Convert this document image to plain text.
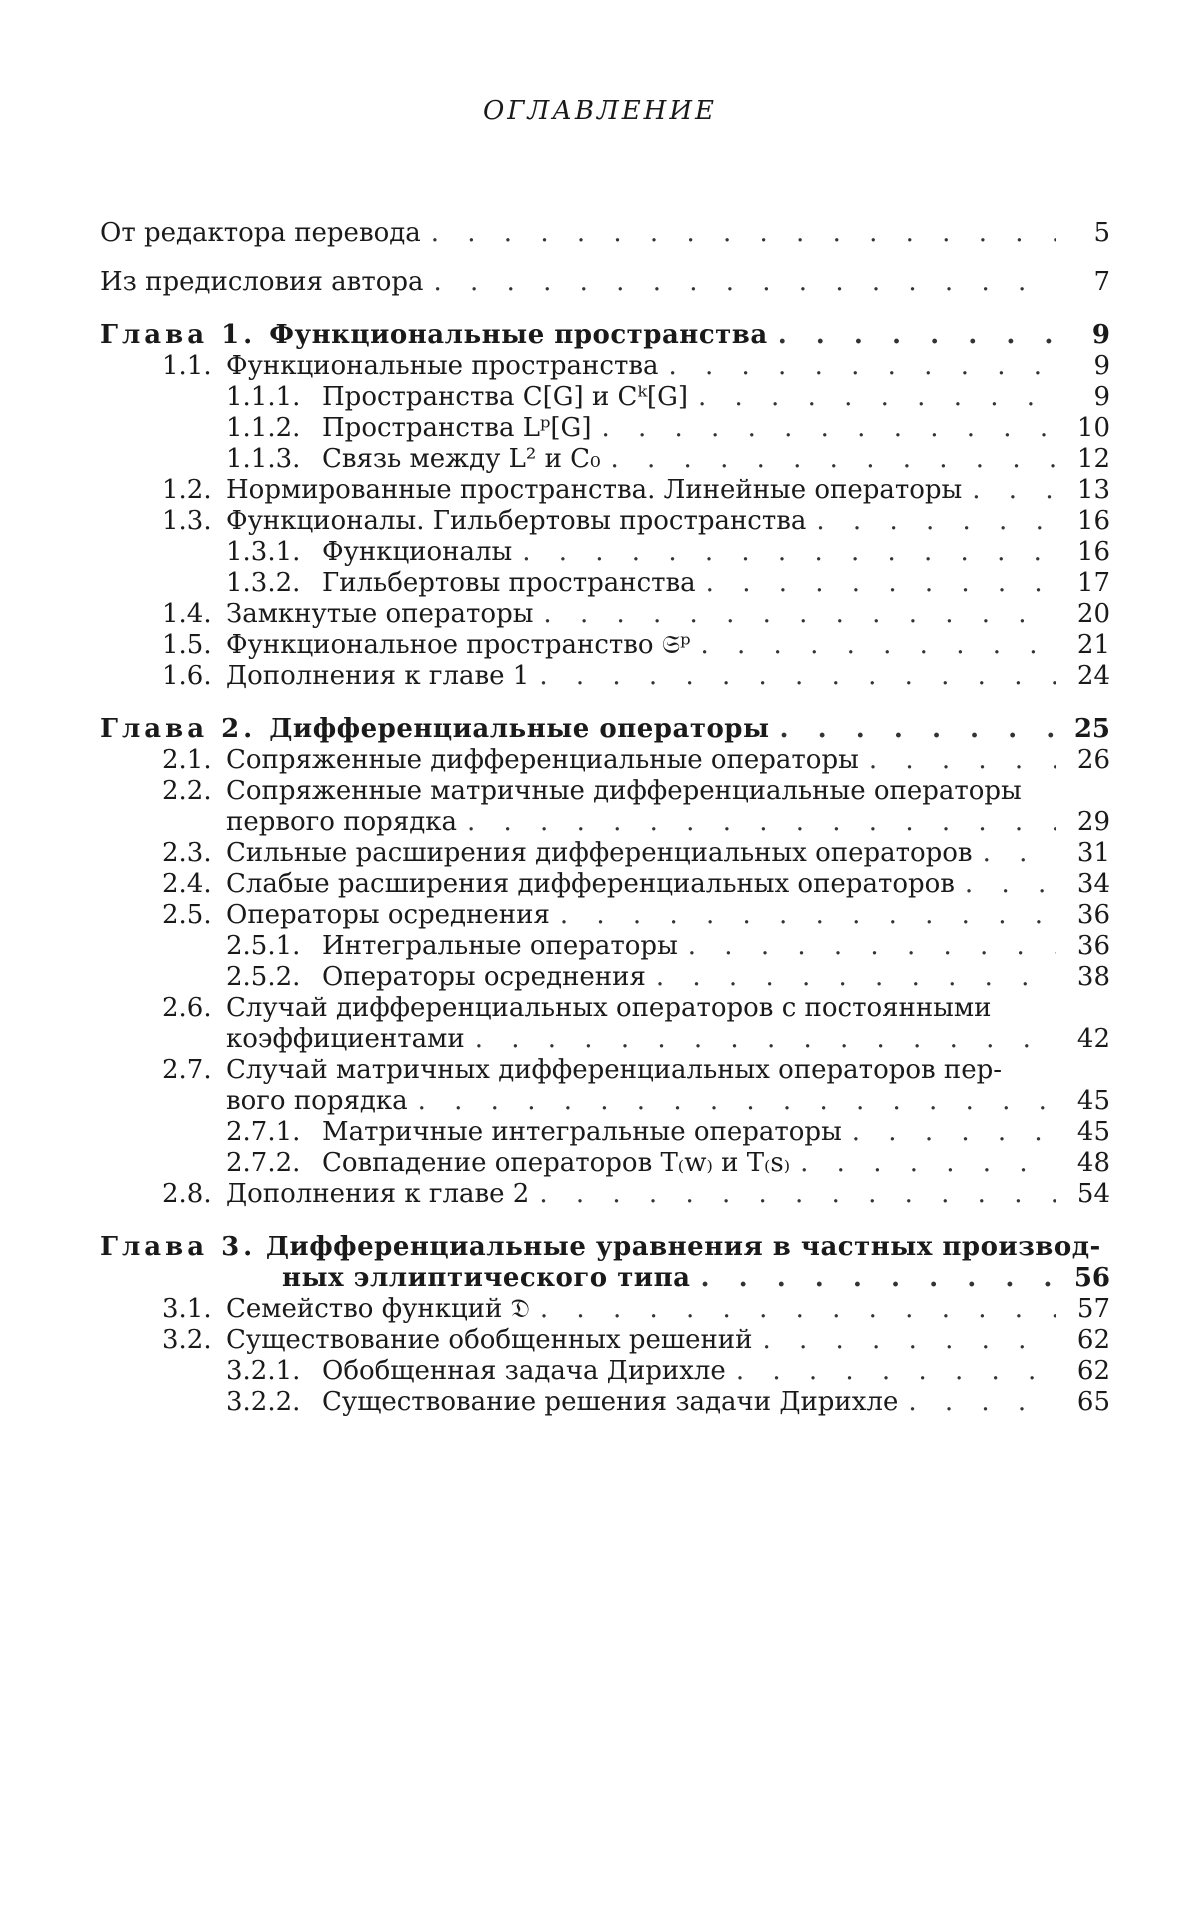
ОГЛАВЛЕНИЕ
От редактора перевода . . .	5
Из предисловия автора . . .	7
Глава 1. Функциональные пространства . . .	9
1.1. Функциональные пространства . . .	9
1.1.1. Пространства C[G] и Cᵏ[G] . . .	9
1.1.2. Пространства Lᵖ[G] . . .	10
1.1.3. Связь между L² и C₀ . . .	12
1.2. Нормированные пространства. Линейные операторы . . .	13
1.3. Функционалы. Гильбертовы пространства . . .	16
1.3.1. Функционалы . . .	16
1.3.2. Гильбертовы пространства . . .	17
1.4. Замкнутые операторы . . .	20
1.5. Функциональное пространство 𝔖ᵖ . . .	21
1.6. Дополнения к главе 1 . . .	24
Глава 2. Дифференциальные операторы . . .	25
2.1. Сопряженные дифференциальные операторы . . .	26
2.2. Сопряженные матричные дифференциальные операторы
первого порядка . . .	29
2.3. Сильные расширения дифференциальных операторов . . .	31
2.4. Слабые расширения дифференциальных операторов . . .	34
2.5. Операторы осреднения . . .	36
2.5.1. Интегральные операторы . . .	36
2.5.2. Операторы осреднения . . .	38
2.6. Случай дифференциальных операторов с постоянными
коэффициентами . . .	42
2.7. Случай матричных дифференциальных операторов пер-
вого порядка . . .	45
2.7.1. Матричные интегральные операторы . . .	45
2.7.2. Совпадение операторов T₍w₎ и T₍s₎ . . .	48
2.8. Дополнения к главе 2 . . .	54
Глава 3. Дифференциальные уравнения в частных производ-
ных эллиптического типа . . .	56
3.1. Семейство функций 𝔇 . . .	57
3.2. Существование обобщенных решений . . .	62
3.2.1. Обобщенная задача Дирихле . . .	62
3.2.2. Существование решения задачи Дирихле . . .	65
